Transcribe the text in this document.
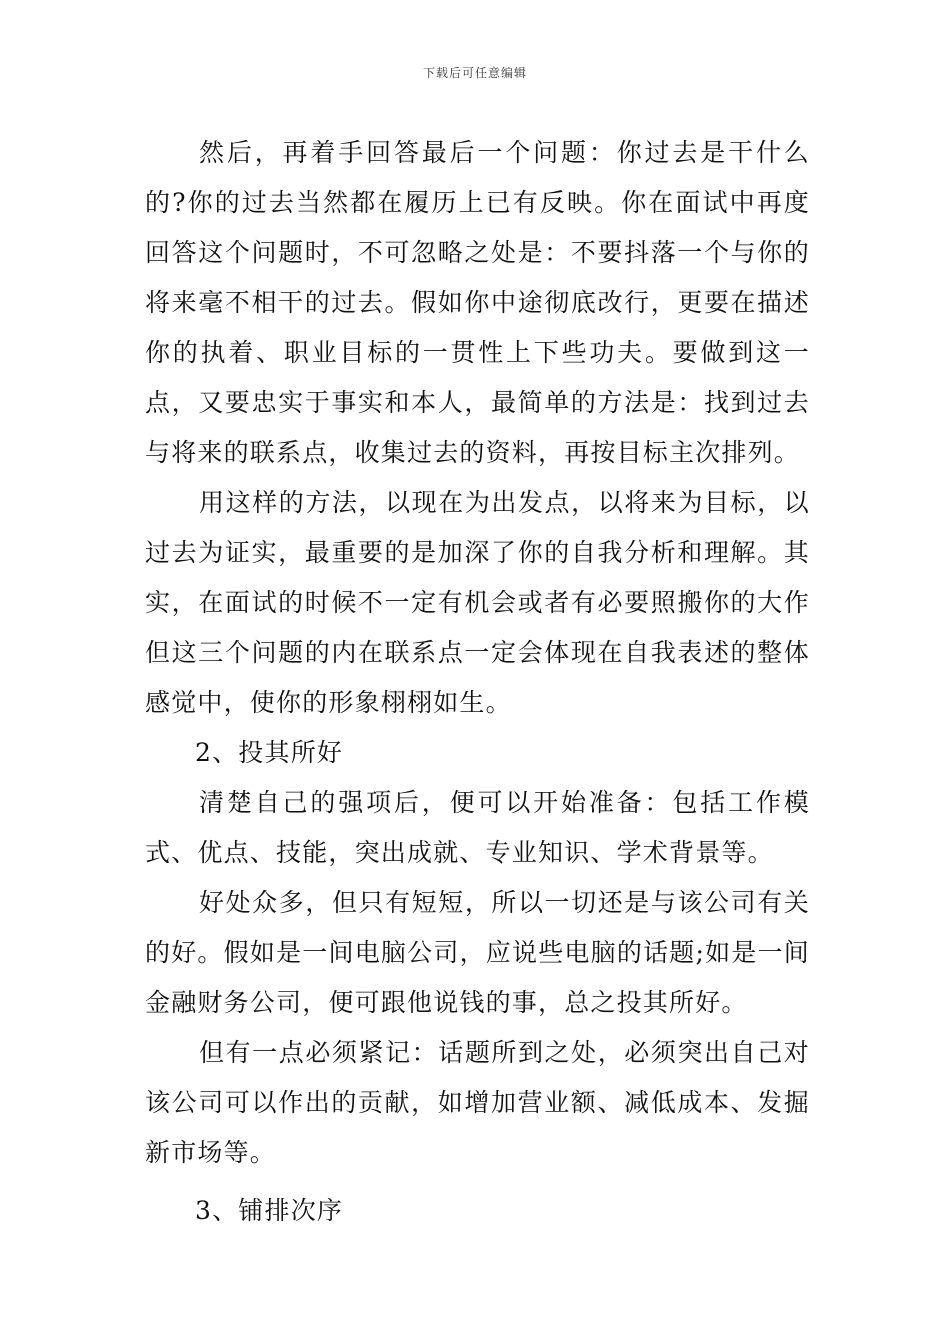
下载后可任意编辑

然后，再着手回答最后一个问题：你过去是干什么的?你的过去当然都在履历上已有反映。你在面试中再度回答这个问题时，不可忽略之处是：不要抖落一个与你的将来毫不相干的过去。假如你中途彻底改行，更要在描述你的执着、职业目标的一贯性上下些功夫。要做到这一点，又要忠实于事实和本人，最简单的方法是：找到过去与将来的联系点，收集过去的资料，再按目标主次排列。

用这样的方法，以现在为出发点，以将来为目标，以过去为证实，最重要的是加深了你的自我分析和理解。其实，在面试的时候不一定有机会或者有必要照搬你的大作但这三个问题的内在联系点一定会体现在自我表述的整体感觉中，使你的形象栩栩如生。

2、投其所好

清楚自己的强项后，便可以开始准备：包括工作模式、优点、技能，突出成就、专业知识、学术背景等。

好处众多，但只有短短，所以一切还是与该公司有关的好。假如是一间电脑公司，应说些电脑的话题;如是一间金融财务公司，便可跟他说钱的事，总之投其所好。

但有一点必须紧记：话题所到之处，必须突出自己对该公司可以作出的贡献，如增加营业额、减低成本、发掘新市场等。

3、铺排次序
